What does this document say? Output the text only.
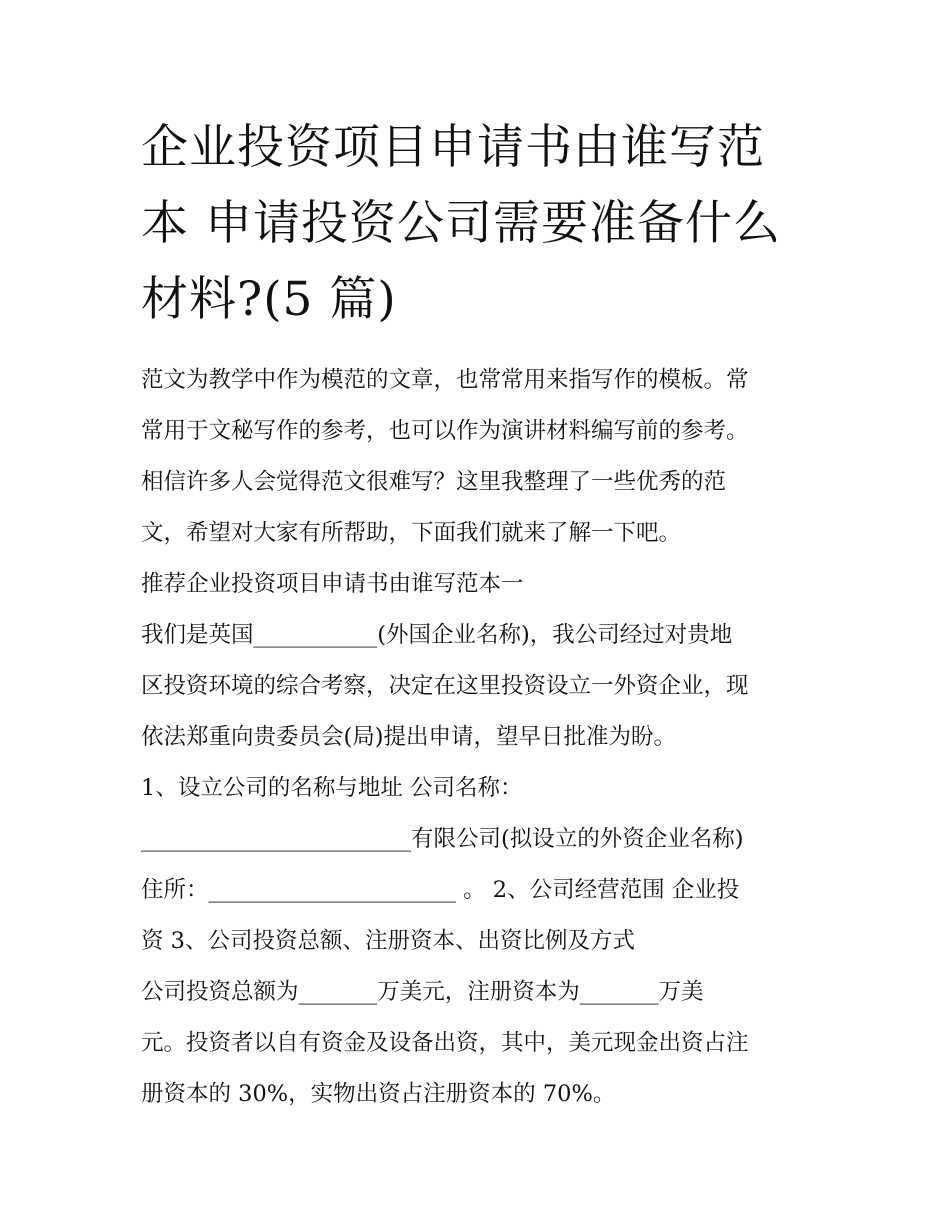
企业投资项目申请书由谁写范
本 申请投资公司需要准备什么
材料?(5 篇)
范文为教学中作为模范的文章，也常常用来指写作的模板。常
常用于文秘写作的参考，也可以作为演讲材料编写前的参考。
相信许多人会觉得范文很难写？这里我整理了一些优秀的范
文，希望对大家有所帮助，下面我们就来了解一下吧。
推荐企业投资项目申请书由谁写范本一
我们是英国___________(外国企业名称)，我公司经过对贵地
区投资环境的综合考察，决定在这里投资设立一外资企业，现
依法郑重向贵委员会(局)提出申请，望早日批准为盼。
1、设立公司的名称与地址 公司名称：
________________________有限公司(拟设立的外资企业名称)
住所：______________________ 。 2、公司经营范围 企业投
资 3、公司投资总额、注册资本、出资比例及方式
公司投资总额为_______万美元，注册资本为_______万美
元。投资者以自有资金及设备出资，其中，美元现金出资占注
册资本的 30%，实物出资占注册资本的 70%。
